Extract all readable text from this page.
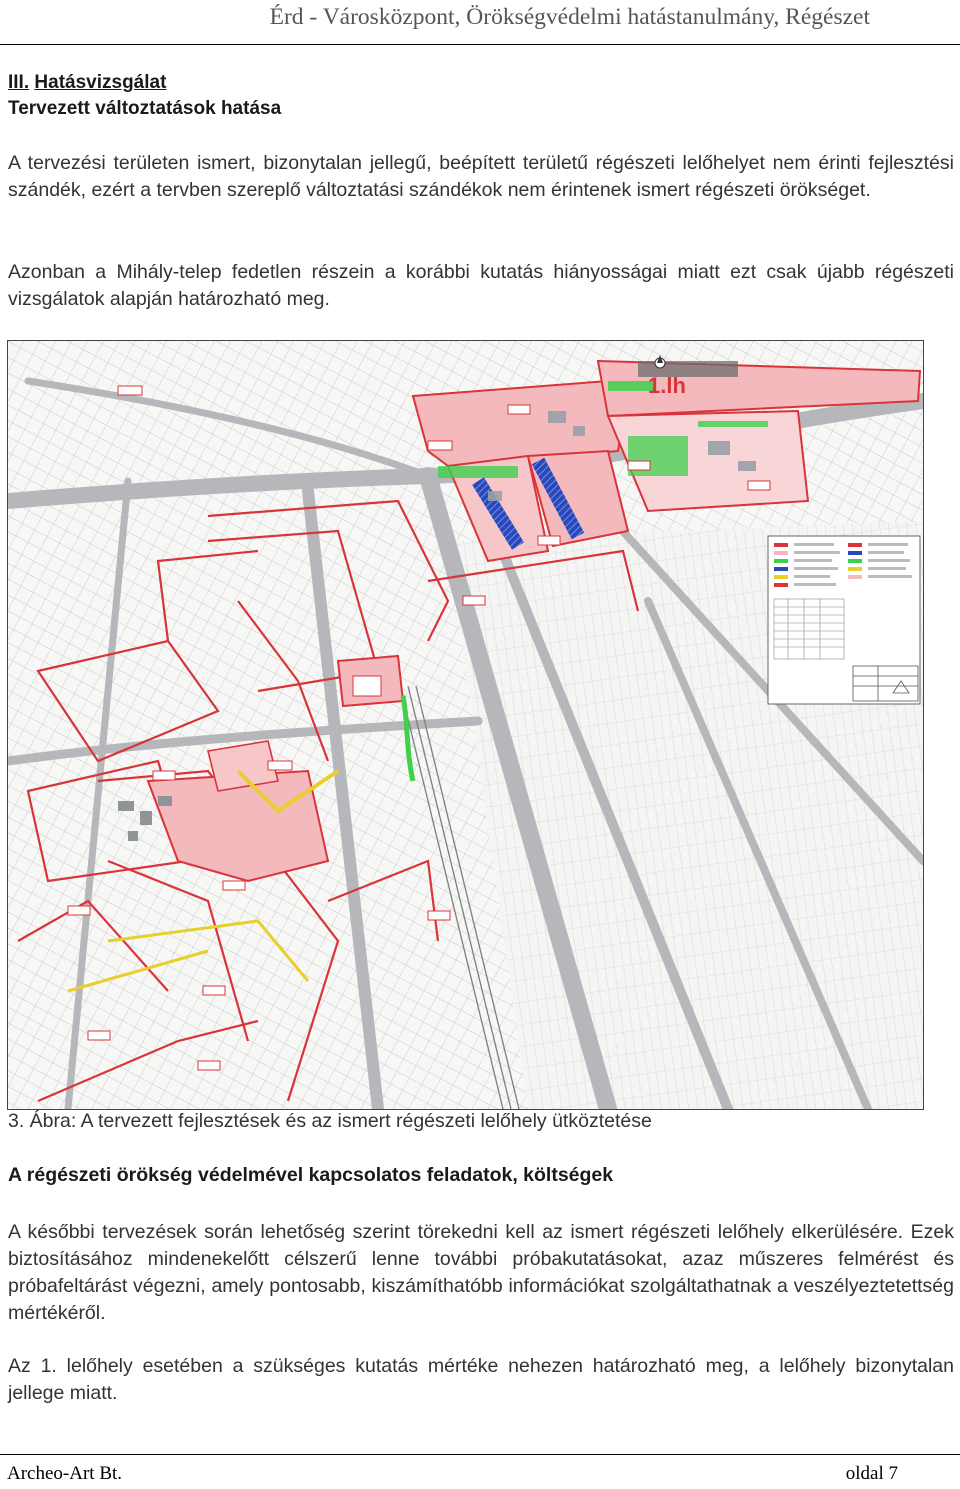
Érd - Városközpont, Örökségvédelmi hatástanulmány, Régészet
III. Hatásvizsgálat
Tervezett változtatások hatása
A tervezési területen ismert, bizonytalan jellegű, beépített területű régészeti lelőhelyet nem érinti fejlesztési szándék, ezért a tervben szereplő változtatási szándékok nem érintenek ismert régészeti örökséget.
Azonban a Mihály-telep fedetlen részein a korábbi kutatás hiányosságai miatt ezt csak újabb régészeti vizsgálatok alapján határozható meg.
1.lh
3. Ábra: A tervezett fejlesztések és az ismert régészeti lelőhely ütköztetése
A régészeti örökség védelmével kapcsolatos feladatok, költségek
A későbbi tervezések során lehetőség szerint törekedni kell az ismert régészeti lelőhely elkerülésére. Ezek biztosításához mindenekelőtt célszerű lenne további próbakutatásokat, azaz műszeres felmérést és próbafeltárást végezni, amely pontosabb, kiszámíthatóbb információkat szolgáltathatnak a veszélyeztetettség mértékéről.
Az 1. lelőhely esetében a szükséges kutatás mértéke nehezen határozható meg, a lelőhely bizonytalan jellege miatt.
Archeo-Art Bt.	oldal 7
